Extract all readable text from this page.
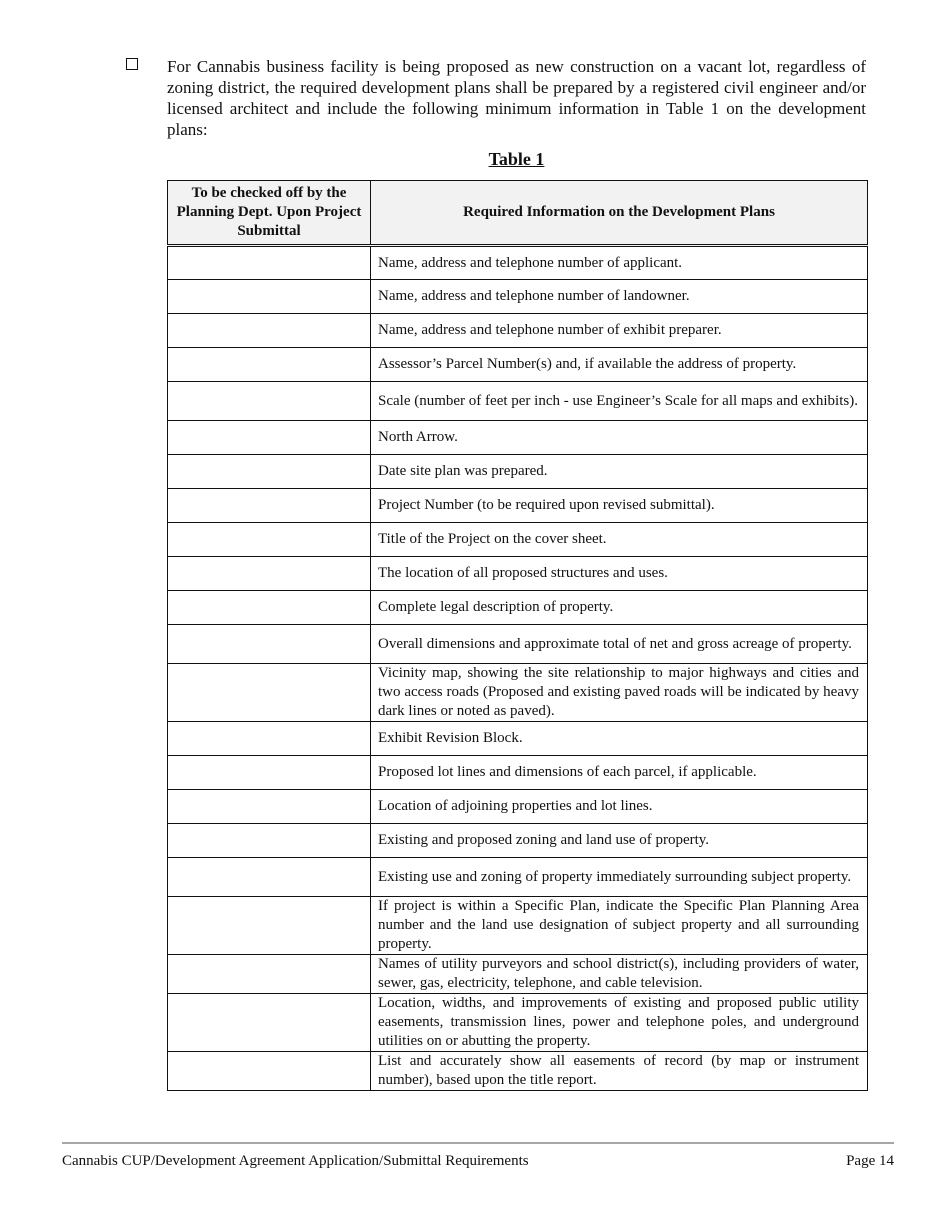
For Cannabis business facility is being proposed as new construction on a vacant lot, regardless of zoning district, the required development plans shall be prepared by a registered civil engineer and/or licensed architect and include the following minimum information in Table 1 on the development plans:

Table 1

To be checked off by the Planning Dept. Upon Project Submittal	Required Information on the Development Plans
	Name, address and telephone number of applicant.
	Name, address and telephone number of landowner.
	Name, address and telephone number of exhibit preparer.
	Assessor’s Parcel Number(s) and, if available the address of property.
	Scale (number of feet per inch - use Engineer’s Scale for all maps and exhibits).
	North Arrow.
	Date site plan was prepared.
	Project Number (to be required upon revised submittal).
	Title of the Project on the cover sheet.
	The location of all proposed structures and uses.
	Complete legal description of property.
	Overall dimensions and approximate total of net and gross acreage of property.
	Vicinity map, showing the site relationship to major highways and cities and two access roads (Proposed and existing paved roads will be indicated by heavy dark lines or noted as paved).
	Exhibit Revision Block.
	Proposed lot lines and dimensions of each parcel, if applicable.
	Location of adjoining properties and lot lines.
	Existing and proposed zoning and land use of property.
	Existing use and zoning of property immediately surrounding subject property.
	If project is within a Specific Plan, indicate the Specific Plan Planning Area number and the land use designation of subject property and all surrounding property.
	Names of utility purveyors and school district(s), including providers of water, sewer, gas, electricity, telephone, and cable television.
	Location, widths, and improvements of existing and proposed public utility easements, transmission lines, power and telephone poles, and underground utilities on or abutting the property.
	List and accurately show all easements of record (by map or instrument number), based upon the title report.
Cannabis CUP/Development Agreement Application/Submittal Requirements	Page 14
